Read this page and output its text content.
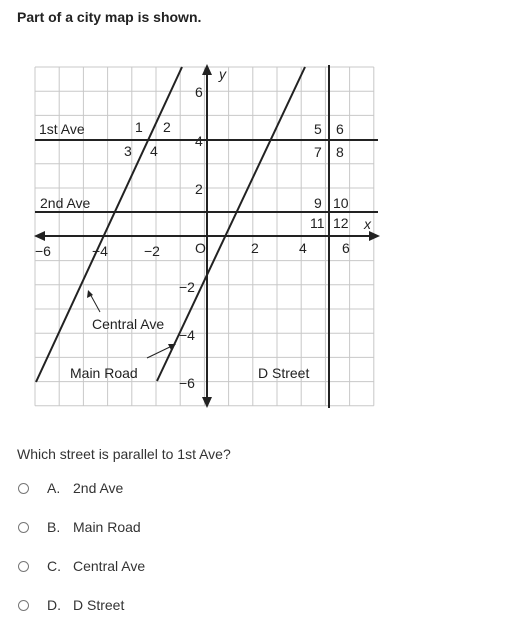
Part of a city map is shown.
1st Ave
2nd Ave
Central Ave
Main Road	D Street
x
y
−6	−4	−2	O	2	4	6
6
4
2
−2
−4
−6
1 2
3 4
5 6
7 8
9 10
11 12
Which street is parallel to 1st Ave?
A. 2nd Ave
B. Main Road
C. Central Ave
D. D Street
